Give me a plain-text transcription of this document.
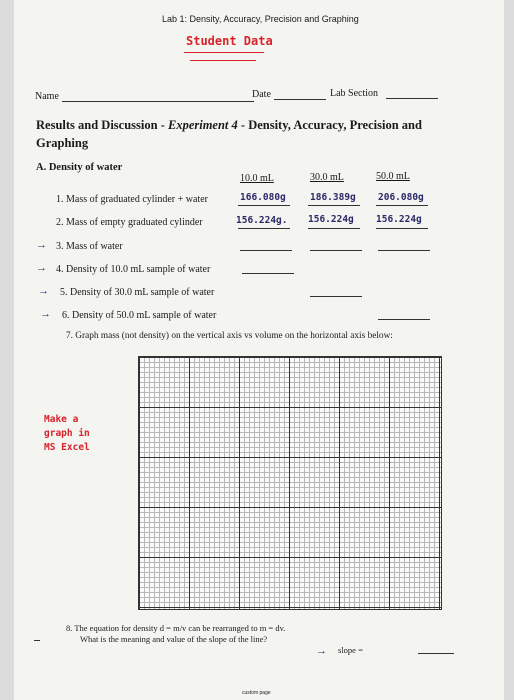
Lab 1: Density, Accuracy, Precision and Graphing
Student Data
Name	Date	Lab Section
Results and Discussion - Experiment 4 - Density, Accuracy, Precision and
Graphing
A. Density of water
10.0 mL	30.0 mL	50.0 mL
1. Mass of graduated cylinder + water	166.080g	186.389g 206.080g
2. Mass of empty graduated cylinder	156.224g. 156.224g 156.224g
→ 3. Mass of water
→ 4. Density of 10.0 mL sample of water
→ 5. Density of 30.0 mL sample of water
→ 6. Density of 50.0 mL sample of water
7. Graph mass (not density) on the vertical axis vs volume on the horizontal axis below:
Make a
graph in
MS Excel
8. The equation for density d = m/v can be rearranged to m = dv.
What is the meaning and value of the slope of the line?
→ slope =
custom page
